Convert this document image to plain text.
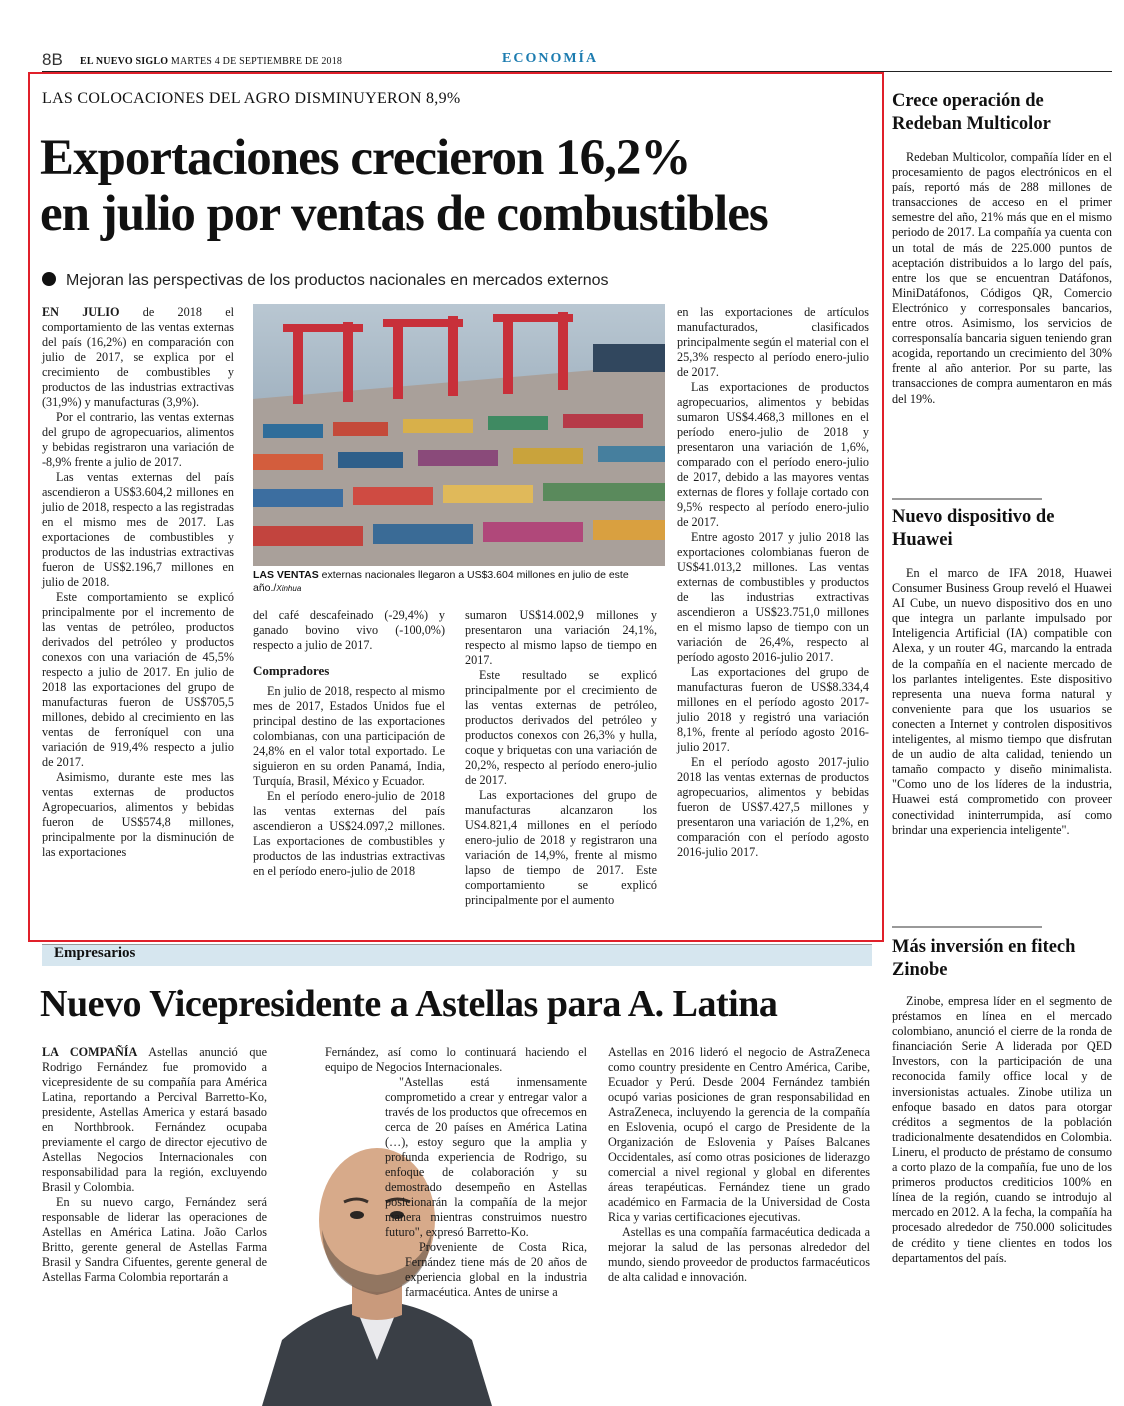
8B EL NUEVO SIGLO MARTES 4 DE SEPTIEMBRE DE 2018	ECONOMÍA
LAS COLOCACIONES DEL AGRO DISMINUYERON 8,9%
Exportaciones crecieron 16,2%
en julio por ventas de combustibles
Mejoran las perspectivas de los productos nacionales en mercados externos

EN JULIO de 2018 el comportamiento de las ventas externas del país (16,2%) en comparación con julio de 2017, se explica por el crecimiento de combustibles y productos de las industrias extractivas (31,9%) y manufacturas (3,9%).

Por el contrario, las ventas externas del grupo de agropecuarios, alimentos y bebidas registraron una variación de -8,9% frente a julio de 2017.

Las ventas externas del país ascendieron a US$3.604,2 millones en julio de 2018, respecto a las registradas en el mismo mes de 2017. Las exportaciones de combustibles y productos de las industrias extractivas fueron de US$2.196,7 millones en julio de 2018.

Este comportamiento se explicó principalmente por el incremento de las ventas de petróleo, productos derivados del petróleo y productos conexos con una variación de 45,5% respecto a julio de 2017. En julio de 2018 las exportaciones del grupo de manufacturas fueron de US$705,5 millones, debido al crecimiento en las ventas de ferroníquel con una variación de 919,4% respecto a julio de 2017.

Asimismo, durante este mes las ventas externas de productos Agropecuarios, alimentos y bebidas fueron de US$574,8 millones, principalmente por la disminución de las exportaciones

LAS VENTAS externas nacionales llegaron a US$3.604 millones en julio de este año./Xinhua

del café descafeinado (-29,4%) y ganado bovino vivo (-100,0%) respecto a julio de 2017.

Compradores

En julio de 2018, respecto al mismo mes de 2017, Estados Unidos fue el principal destino de las exportaciones colombianas, con una participación de 24,8% en el valor total exportado. Le siguieron en su orden Panamá, India, Turquía, Brasil, México y Ecuador.

En el período enero-julio de 2018 las ventas externas del país ascendieron a US$24.097,2 millones. Las exportaciones de combustibles y productos de las industrias extractivas en el período enero-julio de 2018

sumaron US$14.002,9 millones y presentaron una variación 24,1%, respecto al mismo lapso de tiempo en 2017.

Este resultado se explicó principalmente por el crecimiento de las ventas externas de petróleo, productos derivados del petróleo y productos conexos con 26,3% y hulla, coque y briquetas con una variación de 20,2%, respecto al período enero-julio de 2017.

Las exportaciones del grupo de manufacturas alcanzaron los US4.821,4 millones en el período enero-julio de 2018 y registraron una variación de 14,9%, frente al mismo lapso de tiempo de 2017. Este comportamiento se explicó principalmente por el aumento

en las exportaciones de artículos manufacturados, clasificados principalmente según el material con el 25,3% respecto al período enero-julio de 2017.

Las exportaciones de productos agropecuarios, alimentos y bebidas sumaron US$4.468,3 millones en el período enero-julio de 2018 y presentaron una variación de 1,6%, comparado con el período enero-julio de 2017, debido a las mayores ventas externas de flores y follaje cortado con 9,5% respecto al período enero-julio de 2017.

Entre agosto 2017 y julio 2018 las exportaciones colombianas fueron de US$41.013,2 millones. Las ventas externas de combustibles y productos de las industrias extractivas ascendieron a US$23.751,0 millones en el mismo lapso de tiempo con un variación de 26,4%, respecto al período agosto 2016-julio 2017.

Las exportaciones del grupo de manufacturas fueron de US$8.334,4 millones en el período agosto 2017-julio 2018 y registró una variación 8,1%, frente al período agosto 2016-julio 2017.

En el período agosto 2017-julio 2018 las ventas externas de productos agropecuarios, alimentos y bebidas fueron de US$7.427,5 millones y presentaron una variación de 1,2%, en comparación con el período agosto 2016-julio 2017.

Crece operación de Redeban Multicolor

Redeban Multicolor, compañía líder en el procesamiento de pagos electrónicos en el país, reportó más de 288 millones de transacciones de acceso en el primer semestre del año, 21% más que en el mismo periodo de 2017. La compañía ya cuenta con un total de más de 225.000 puntos de aceptación distribuidos a lo largo del país, entre los que se encuentran Datáfonos, MiniDatáfonos, Códigos QR, Comercio Electrónico y corresponsales bancarios, entre otros. Asimismo, los servicios de corresponsalía bancaria siguen teniendo gran acogida, reportando un crecimiento del 30% frente al año anterior. Por su parte, las transacciones de compra aumentaron en más del 19%.

Nuevo dispositivo de Huawei

En el marco de IFA 2018, Huawei Consumer Business Group reveló el Huawei AI Cube, un nuevo dispositivo dos en uno que integra un parlante impulsado por Inteligencia Artificial (IA) compatible con Alexa, y un router 4G, marcando la entrada de la compañía en el naciente mercado de los parlantes inteligentes. Este dispositivo representa una nueva forma natural y conveniente para que los usuarios se conecten a Internet y controlen dispositivos inteligentes, al mismo tiempo que disfrutan de un audio de alta calidad, teniendo un tamaño compacto y diseño minimalista. "Como uno de los líderes de la industria, Huawei está comprometido con proveer conectividad ininterrumpida, así como brindar una experiencia inteligente".

Más inversión en fitech Zinobe

Zinobe, empresa líder en el segmento de préstamos en línea en el mercado colombiano, anunció el cierre de la ronda de financiación Serie A liderada por QED Investors, con la participación de una reconocida family office local y de inversionistas actuales. Zinobe utiliza un enfoque basado en datos para otorgar créditos a segmentos de la población tradicionalmente desatendidos en Colombia. Lineru, el producto de préstamo de consumo a corto plazo de la compañía, fue uno de los primeros productos crediticios 100% en línea de la región, cuando se introdujo al mercado en 2012. A la fecha, la compañía ha procesado alrededor de 750.000 solicitudes de crédito y tiene clientes en todos los departamentos del país.

Empresarios
Nuevo Vicepresidente a Astellas para A. Latina

LA COMPAÑÍA Astellas anunció que Rodrigo Fernández fue promovido a vicepresidente de su compañía para América Latina, reportando a Percival Barretto-Ko, presidente, Astellas America y estará basado en Northbrook. Fernández ocupaba previamente el cargo de director ejecutivo de Astellas Negocios Internacionales con responsabilidad para la región, excluyendo Brasil y Colombia.

En su nuevo cargo, Fernández será responsable de liderar las operaciones de Astellas en América Latina. João Carlos Britto, gerente general de Astellas Farma Brasil y Sandra Cifuentes, gerente general de Astellas Farma Colombia reportarán a

Fernández, así como lo continuará haciendo el equipo de Negocios Internacionales.

"Astellas está inmensamente comprometido a crear y entregar valor a través de los productos que ofrecemos en cerca de 20 países en América Latina (…), estoy seguro que la amplia y profunda experiencia de Rodrigo, su enfoque de colaboración y su demostrado desempeño en Astellas posicionarán la compañía de la mejor manera mientras construimos nuestro futuro", expresó Barretto-Ko.

Proveniente de Costa Rica, Fernández tiene más de 20 años de experiencia global en la industria farmacéutica. Antes de unirse a

Astellas en 2016 lideró el negocio de AstraZeneca como country presidente en Centro América, Caribe, Ecuador y Perú. Desde 2004 Fernández también ocupó varias posiciones de gran responsabilidad en AstraZeneca, incluyendo la gerencia de la compañía en Eslovenia, ocupó el cargo de Presidente de la Organización de Eslovenia y Países Balcanes Occidentales, así como otras posiciones de liderazgo comercial a nivel regional y global en diferentes áreas terapéuticas. Fernández tiene un grado académico en Farmacia de la Universidad de Costa Rica y varias certificaciones ejecutivas.

Astellas es una compañía farmacéutica dedicada a mejorar la salud de las personas alrededor del mundo, siendo proveedor de productos farmacéuticos de alta calidad e innovación.
